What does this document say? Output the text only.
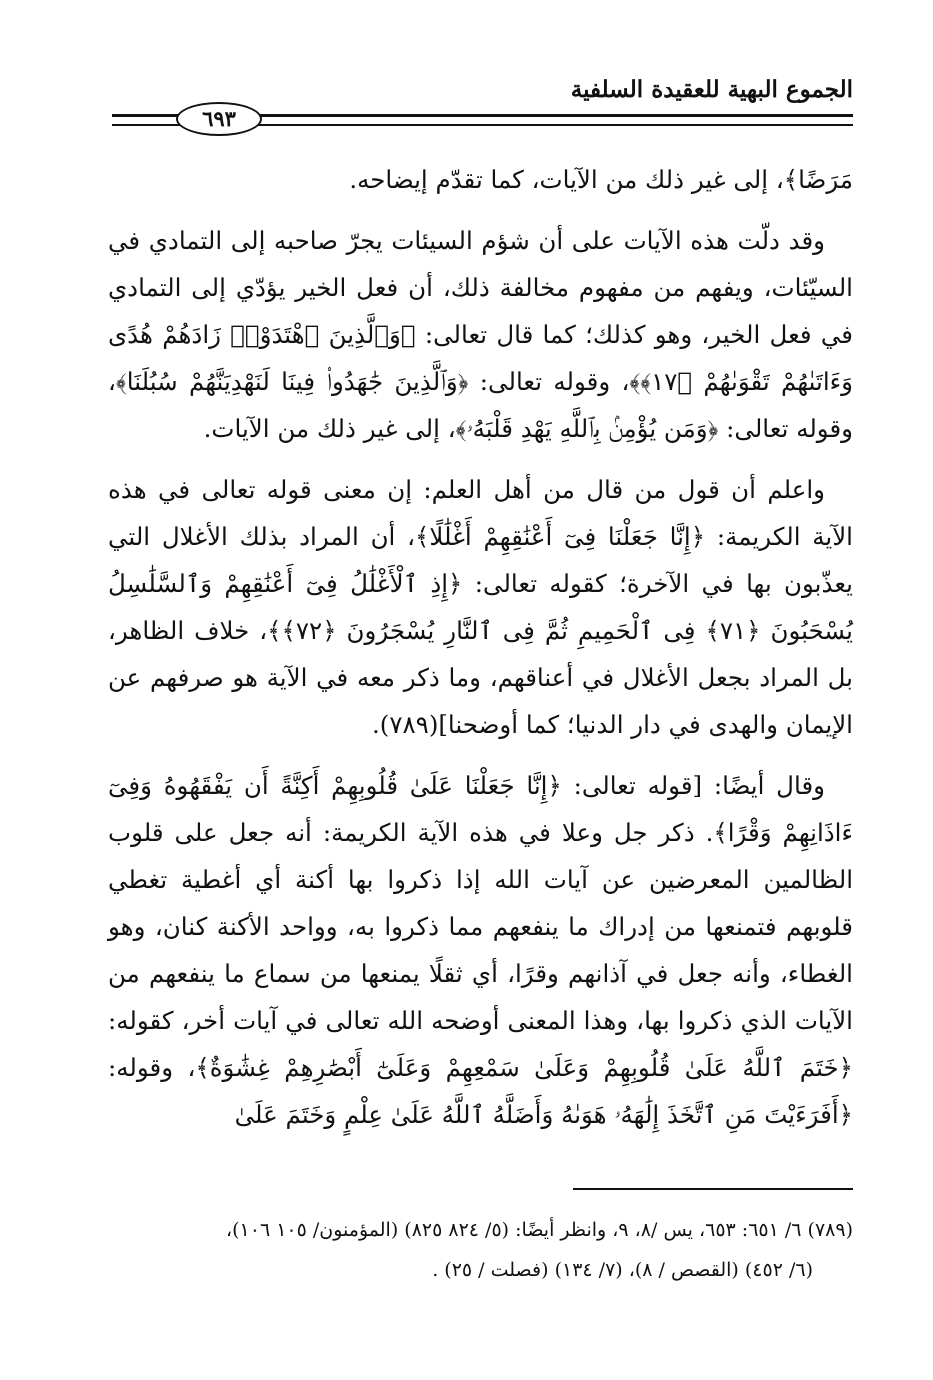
الجموع البهية للعقيدة السلفية
٦٩٣

مَرَضًا﴾، إلى غير ذلك من الآيات، كما تقدّم إيضاحه.

وقد دلّت هذه الآيات على أن شؤم السيئات يجرّ صاحبه إلى التمادي في السيّئات، ويفهم من مفهوم مخالفة ذلك، أن فعل الخير يؤدّي إلى التمادي في فعل الخير، وهو كذلك؛ كما قال تعالى: ﴿وَٱلَّذِينَ ٱهْتَدَوْا۟ زَادَهُمْ هُدًى وَءَاتَىٰهُمْ تَقْوَىٰهُمْ ﴿١٧﴾﴾، وقوله تعالى: ﴿وَٱلَّذِينَ جَٰهَدُوا۟ فِينَا لَنَهْدِيَنَّهُمْ سُبُلَنَا﴾، وقوله تعالى: ﴿وَمَن يُؤْمِنۢ بِٱللَّهِ يَهْدِ قَلْبَهُۥ﴾، إلى غير ذلك من الآيات.

واعلم أن قول من قال من أهل العلم: إن معنى قوله تعالى في هذه الآية الكريمة: ﴿إِنَّا جَعَلْنَا فِىٓ أَعْنَٰقِهِمْ أَغْلَٰلًا﴾، أن المراد بذلك الأغلال التي يعذّبون بها في الآخرة؛ كقوله تعالى: ﴿إِذِ ٱلْأَغْلَٰلُ فِىٓ أَعْنَٰقِهِمْ وَٱلسَّلَٰسِلُ يُسْحَبُونَ ﴿٧١﴾ فِى ٱلْحَمِيمِ ثُمَّ فِى ٱلنَّارِ يُسْجَرُونَ ﴿٧٢﴾﴾، خلاف الظاهر، بل المراد بجعل الأغلال في أعناقهم، وما ذكر معه في الآية هو صرفهم عن الإيمان والهدى في دار الدنيا؛ كما أوضحنا](٧٨٩).

وقال أيضًا: [قوله تعالى: ﴿إِنَّا جَعَلْنَا عَلَىٰ قُلُوبِهِمْ أَكِنَّةً أَن يَفْقَهُوهُ وَفِىٓ ءَاذَانِهِمْ وَقْرًا﴾. ذكر جل وعلا في هذه الآية الكريمة: أنه جعل على قلوب الظالمين المعرضين عن آيات الله إذا ذكروا بها أكنة أي أغطية تغطي قلوبهم فتمنعها من إدراك ما ينفعهم مما ذكروا به، وواحد الأكنة كنان، وهو الغطاء، وأنه جعل في آذانهم وقرًا، أي ثقلًا يمنعها من سماع ما ينفعهم من الآيات الذي ذكروا بها، وهذا المعنى أوضحه الله تعالى في آيات أخر، كقوله: ﴿خَتَمَ ٱللَّهُ عَلَىٰ قُلُوبِهِمْ وَعَلَىٰ سَمْعِهِمْ وَعَلَىٰٓ أَبْصَٰرِهِمْ غِشَٰوَةٌ﴾، وقوله: ﴿أَفَرَءَيْتَ مَنِ ٱتَّخَذَ إِلَٰهَهُۥ هَوَىٰهُ وَأَضَلَّهُ ٱللَّهُ عَلَىٰ عِلْمٍ وَخَتَمَ عَلَىٰ

(٧٨٩) ٦/ ٦٥١: ٦٥٣، يس /٨، ٩، وانظر أيضًا: (٥/ ٨٢٤ ٨٢٥) (المؤمنون/ ١٠٥ ١٠٦)،

(٦/ ٤٥٢) (القصص / ٨)، (٧/ ١٣٤) (فصلت / ٢٥) .
